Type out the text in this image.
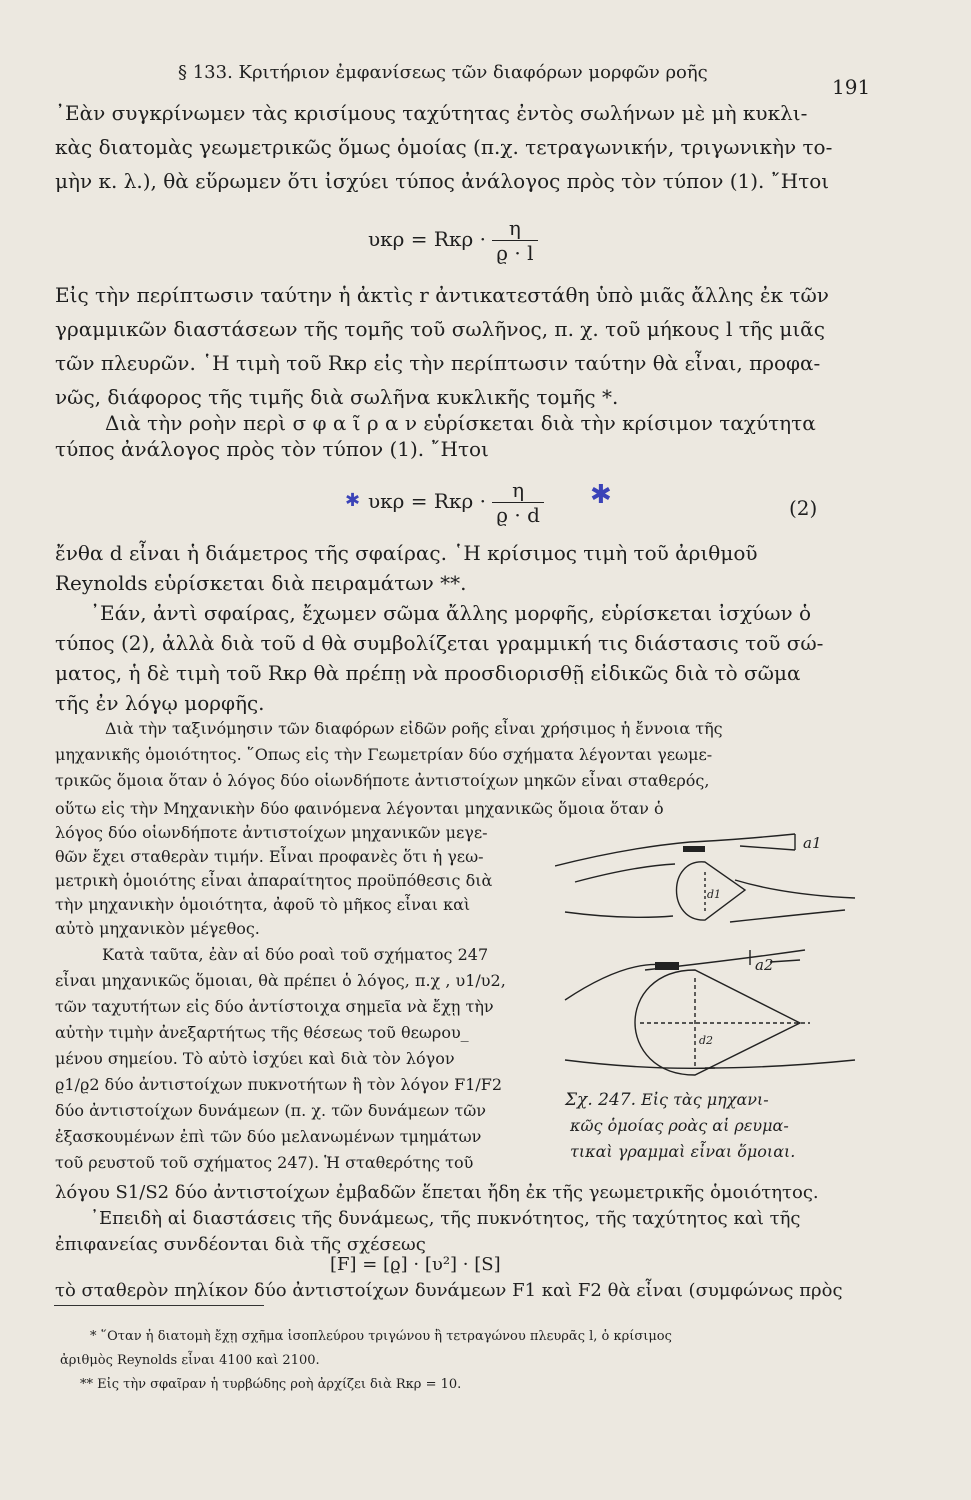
§ 133. Κριτήριον ἐμφανίσεως τῶν διαφόρων μορφῶν ροῆς
191
᾿Εὰν συγκρίνωμεν τὰς κρισίμους ταχύτητας ἐντὸς σωλήνων μὲ μὴ κυκλι-
κὰς διατομὰς γεωμετρικῶς ὅμως ὁμοίας (π.χ. τετραγωνικήν, τριγωνικὴν το-
μὴν κ. λ.), θὰ εὕρωμεν ὅτι ἰσχύει τύπος ἀνάλογος πρὸς τὸν τύπον (1). ῎Ητοι
$\upsilon\kappa\rho = R\kappa\rho \cdot \frac{\eta}{ϱ \cdot l}$
Εἰς τὴν περίπτωσιν ταύτην ἡ ἀκτὶς r ἀντικατεστάθη ὑπὸ μιᾶς ἄλλης ἐκ τῶν
γραμμικῶν διαστάσεων τῆς τομῆς τοῦ σωλῆνος, π. χ. τοῦ μήκους l τῆς μιᾶς
τῶν πλευρῶν. ῾Η τιμὴ τοῦ Rκρ εἰς τὴν περίπτωσιν ταύτην θὰ εἶναι, προφα-
νῶς, διάφορος τῆς τιμῆς διὰ σωλῆνα κυκλικῆς τομῆς *.
Διὰ τὴν ροὴν περὶ σ φ α ῖ ρ α ν εὑρίσκεται διὰ τὴν κρίσιμον ταχύτητα
τύπος ἀνάλογος πρὸς τὸν τύπον (1). ῎Ητοι
✱	✱
$\upsilon\kappa\rho = R\kappa\rho \cdot \frac{\eta}{ϱ \cdot d}$	(2)
ἔνθα d εἶναι ἡ διάμετρος τῆς σφαίρας. ῾Η κρίσιμος τιμὴ τοῦ ἀριθμοῦ
Reynolds εὑρίσκεται διὰ πειραμάτων **.
᾿Εάν, ἀντὶ σφαίρας, ἔχωμεν σῶμα ἄλλης μορφῆς, εὑρίσκεται ἰσχύων ὁ
τύπος (2), ἀλλὰ διὰ τοῦ d θὰ συμβολίζεται γραμμική τις διάστασις τοῦ σώ-
ματος, ἡ δὲ τιμὴ τοῦ Rκρ θὰ πρέπῃ νὰ προσδιορισθῇ εἰδικῶς διὰ τὸ σῶμα
τῆς ἐν λόγῳ μορφῆς.
Διὰ τὴν ταξινόμησιν τῶν διαφόρων εἰδῶν ροῆς εἶναι χρήσιμος ἡ ἔννοια τῆς
μηχανικῆς ὁμοιότητος. ῞Οπως εἰς τὴν Γεωμετρίαν δύο σχήματα λέγονται γεωμε-
τρικῶς ὅμοια ὅταν ὁ λόγος δύο οἱωνδήποτε ἀντιστοίχων μηκῶν εἶναι σταθερός,
οὕτω εἰς τὴν Μηχανικὴν δύο φαινόμενα λέγονται μηχανικῶς ὅμοια ὅταν ὁ
λόγος δύο οἱωνδήποτε ἀντιστοίχων μηχανικῶν μεγε-
θῶν ἔχει σταθερὰν τιμήν. Εἶναι προφανὲς ὅτι ἡ γεω-
μετρικὴ ὁμοιότης εἶναι ἀπαραίτητος προϋπόθεσις διὰ
τὴν μηχανικὴν ὁμοιότητα, ἀφοῦ τὸ μῆκος εἶναι καὶ
αὐτὸ μηχανικὸν μέγεθος.
Κατὰ ταῦτα, ἐὰν αἱ δύο ροαὶ τοῦ σχήματος 247
εἶναι μηχανικῶς ὅμοιαι, θὰ πρέπει ὁ λόγος, π.χ , υ1/υ2,
τῶν ταχυτήτων εἰς δύο ἀντίστοιχα σημεῖα νὰ ἔχῃ τὴν
αὐτὴν τιμὴν ἀνεξαρτήτως τῆς θέσεως τοῦ θεωρου_
μένου σημείου. Τὸ αὐτὸ ἰσχύει καὶ διὰ τὸν λόγον
ϱ1/ϱ2 δύο ἀντιστοίχων πυκνοτήτων ἢ τὸν λόγον F1/F2
δύο ἀντιστοίχων δυνάμεων (π. χ. τῶν δυνάμεων τῶν
ἐξασκουμένων ἐπὶ τῶν δύο μελανωμένων τμημάτων
τοῦ ρευστοῦ τοῦ σχήματος 247). Ἡ σταθερότης τοῦ
a1
a2
d1
d2
Σχ. 247. Εἰς τὰς μηχανι-
κῶς ὁμοίας ροὰς αἱ ρευμα-
τικαὶ γραμμαὶ εἶναι ὅμοιαι.
λόγου S1/S2 δύο ἀντιστοίχων ἐμβαδῶν ἕπεται ἤδη ἐκ τῆς γεωμετρικῆς ὁμοιότητος.
᾿Επειδὴ αἱ διαστάσεις τῆς δυνάμεως, τῆς πυκνότητος, τῆς ταχύτητος καὶ τῆς
ἐπιφανείας συνδέονται διὰ τῆς σχέσεως
[F] = [ϱ] · [υ²] · [S]
τὸ σταθερὸν πηλίκον δύο ἀντιστοίχων δυνάμεων F1 καὶ F2 θὰ εἶναι (συμφώνως πρὸς
* ῞Οταν ἡ διατομὴ ἔχῃ σχῆμα ἰσοπλεύρου τριγώνου ἢ τετραγώνου πλευρᾶς l, ὁ κρίσιμος
ἀριθμὸς Reynolds εἶναι 4100 καὶ 2100.
** Εἰς τὴν σφαῖραν ἡ τυρβώδης ροὴ ἀρχίζει διὰ Rκρ = 10.
